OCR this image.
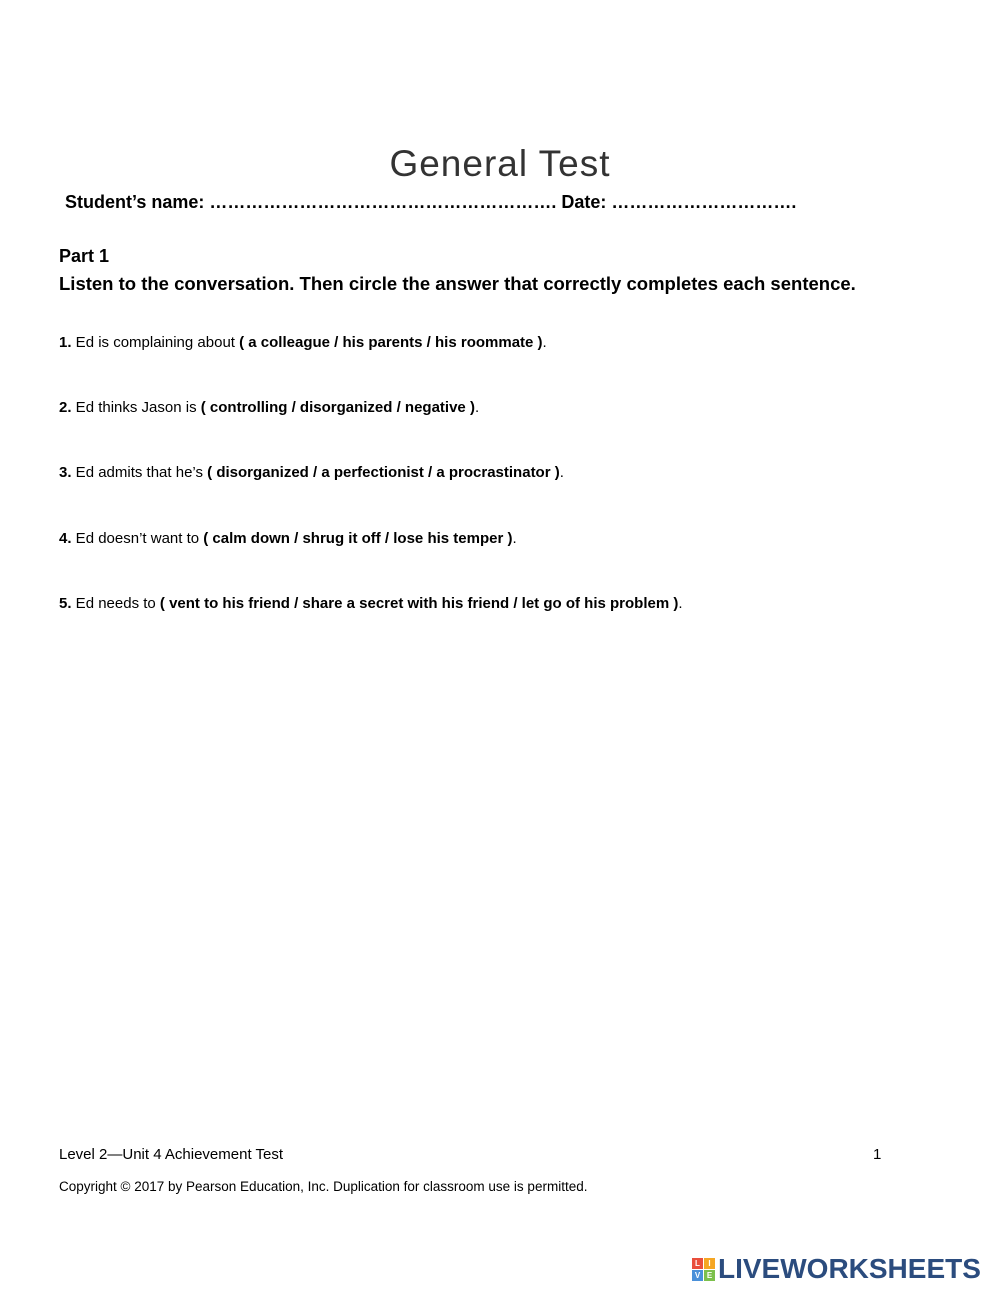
General Test
Student’s name: …………………………………………………. Date: ………………………….
Part 1
Listen to the conversation. Then circle the answer that correctly completes each sentence.
1. Ed is complaining about ( a colleague / his parents / his roommate ).
2. Ed thinks Jason is ( controlling / disorganized / negative ).
3. Ed admits that he’s ( disorganized / a perfectionist / a procrastinator ).
4. Ed doesn’t want to ( calm down / shrug it off / lose his temper ).
5. Ed needs to ( vent to his friend / share a secret with his friend / let go of his problem ).
Level 2—Unit 4 Achievement Test	1
Copyright © 2017 by Pearson Education, Inc. Duplication for classroom use is permitted.
L	I
V E LIVEWORKSHEETS
